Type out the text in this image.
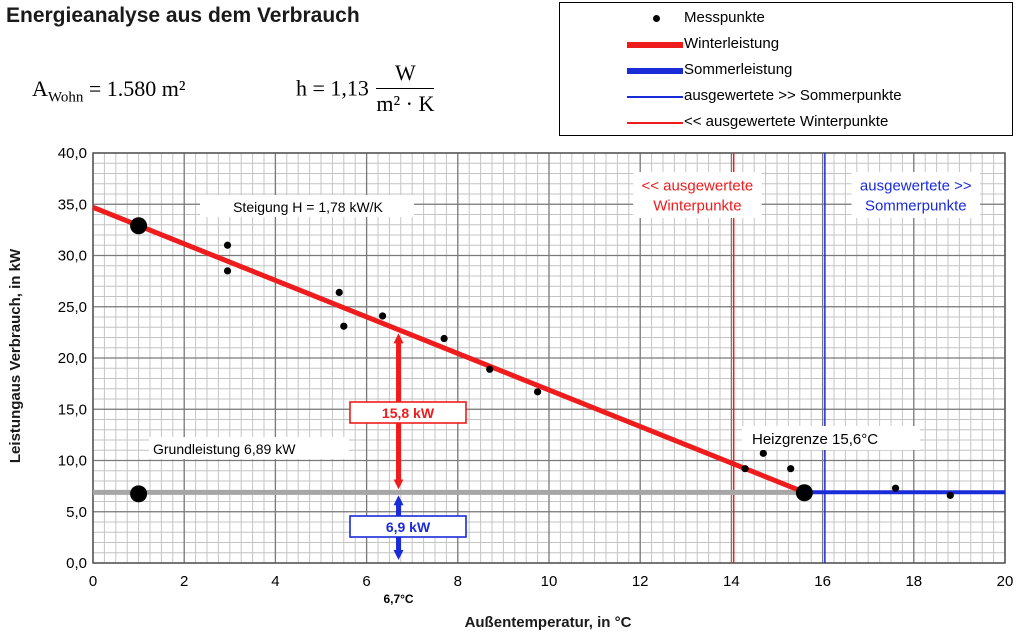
Energieanalyse aus dem Verbrauch
$A_{Wohn} = 1.580$ m²	$h = 1,13 \frac{W}{\text{m² · K}}$
Messpunkte
Winterleistung
Sommerleistung
ausgewertete >> Sommerpunkte
<< ausgewertete Winterpunkte
Steigung H = 1,78 kW/K
<< ausgewertete
Winterpunkte
ausgewertete >>
Sommerpunkte
Heizgrenze 15,6°C
Grundleistung 6,89 kW
15,8 kW
6,9 kW
6,7°C
0	2	4	6	8	10	12	14	16	18	20
0,0
5,0
10,0
15,0
20,0
25,0
30,0
35,0
40,0
Außentemperatur, in °C
Leistungaus Verbrauch, in kW
